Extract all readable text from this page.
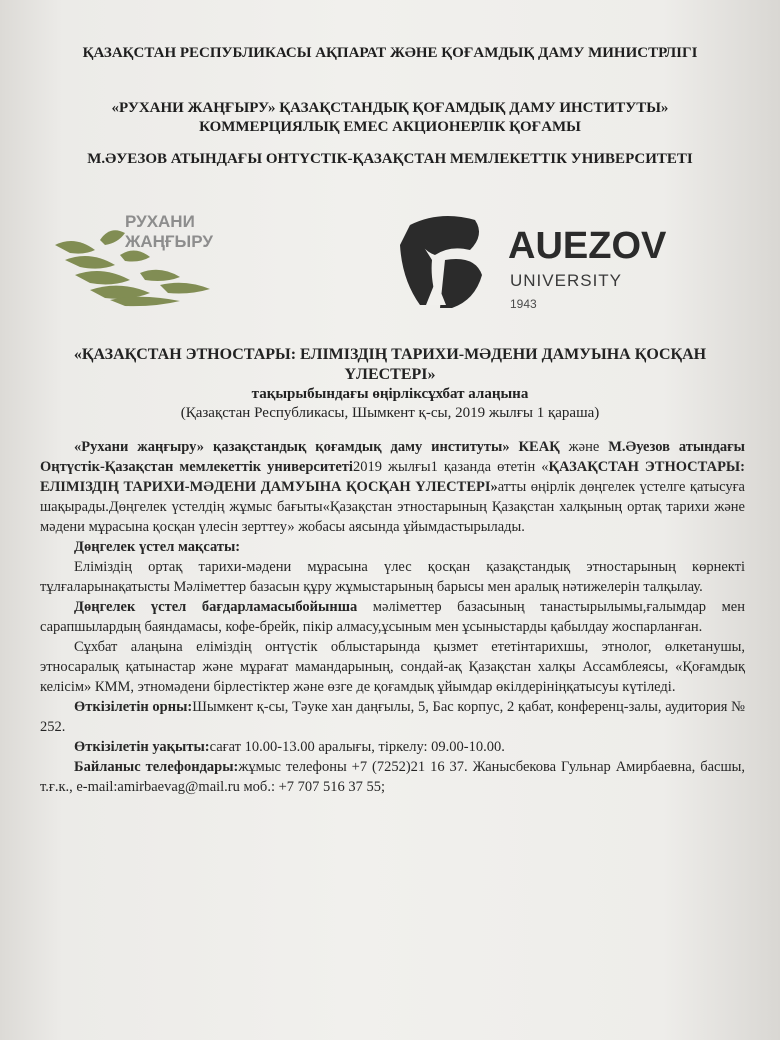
ҚАЗАҚСТАН РЕСПУБЛИКАСЫ АҚПАРАТ ЖӘНЕ ҚОҒАМДЫҚ ДАМУ МИНИСТРЛІГІ
«РУХАНИ ЖАҢҒЫРУ» ҚАЗАҚСТАНДЫҚ ҚОҒАМДЫҚ ДАМУ ИНСТИТУТЫ» КОММЕРЦИЯЛЫҚ ЕМЕС АКЦИОНЕРЛІК ҚОҒАМЫ
М.ӘУЕЗОВ АТЫНДАҒЫ ОНТҮСТІК-ҚАЗАҚСТАН МЕМЛЕКЕТТІК УНИВЕРСИТЕТІ
РУХАНИ
ЖАҢҒЫРУ	AUEZOV
UNIVERSITY
1943
«ҚАЗАҚСТАН ЭТНОСТАРЫ: ЕЛІМІЗДІҢ ТАРИХИ-МӘДЕНИ ДАМУЫНА ҚОСҚАН ҮЛЕСТЕРІ»
тақырыбындағы өңірліксұхбат алаңына
(Қазақстан Республикасы, Шымкент қ-сы, 2019 жылғы 1 қараша)

«Рухани жаңғыру» қазақстандық қоғамдық даму институты» КЕАҚ және М.Әуезов атындағы Оңтүстік-Қазақстан мемлекеттік университеті2019 жылғы1 қазанда өтетін «ҚАЗАҚСТАН ЭТНОСТАРЫ: ЕЛІМІЗДІҢ ТАРИХИ-МӘДЕНИ ДАМУЫНА ҚОСҚАН ҮЛЕСТЕРІ»атты өңірлік дөңгелек үстелге қатысуға шақырады.Дөңгелек үстелдің жұмыс бағыты«Қазақстан этностарының Қазақстан халқының ортақ тарихи және мәдени мұрасына қосқан үлесін зерттеу» жобасы аясында ұйымдастырылады.

Дөңгелек үстел мақсаты:

Еліміздің ортақ тарихи-мәдени мұрасына үлес қосқан қазақстандық этностарының көрнекті тұлғаларынақатысты Мәліметтер базасын құру жұмыстарының барысы мен аралық нәтижелерін талқылау.

Дөңгелек үстел бағдарламасыбойынша мәліметтер базасының танастырылымы,ғалымдар мен сарапшылардың баяндамасы, кофе-брейк, пікір алмасу,ұсыным мен ұсыныстарды қабылдау жоспарланған.

Сұхбат алаңына еліміздің онтүстік облыстарында қызмет ететінтарихшы, этнолог, өлкетанушы, этносаралық қатынастар және мұрағат мамандарының, сондай-ақ Қазақстан халқы Ассамблеясы, «Қоғамдық келісім» КММ, этномәдени бірлестіктер және өзге де қоғамдық ұйымдар өкілдерініңқатысуы күтіледі.

Өткізілетін орны:Шымкент қ-сы, Тәуке хан даңғылы, 5, Бас корпус, 2 қабат, конференц-залы, аудитория № 252.

Өткізілетін уақыты:сағат 10.00-13.00 аралығы, тіркелу: 09.00-10.00.

Байланыс телефондары:жұмыс телефоны +7 (7252)21 16 37. Жанысбекова Гульнар Амирбаевна, басшы, т.ғ.к., e-mail:amirbaevag@mail.ru моб.: +7 707 516 37 55;
